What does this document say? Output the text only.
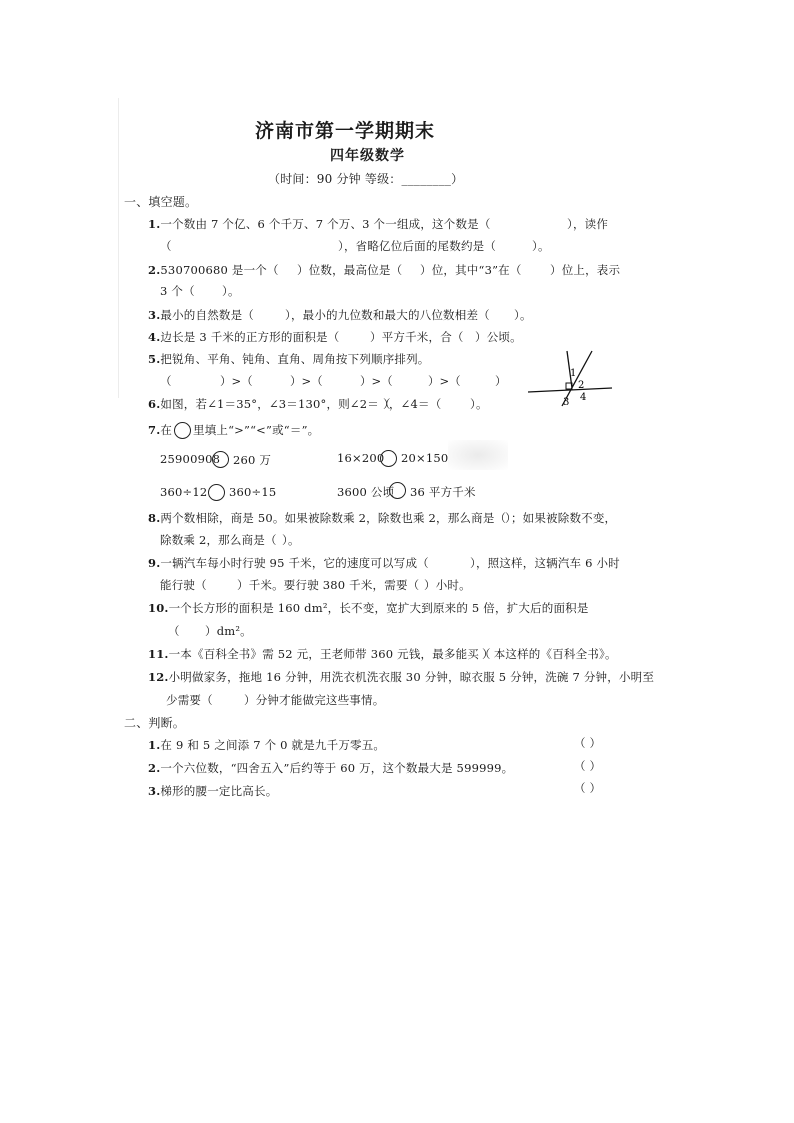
济南市第一学期期末
四年级数学
（时间：90 分钟 等级：________）
一、填空题。
1.一个数由 7 个亿、6 个千万、7 个万、3 个一组成，这个数是（	），读作
（	），省略亿位后面的尾数约是（	）。
2.530700680 是一个（ ）位数，最高位是（ ）位，其中“3”在（ ）位上，表示
3 个（ ）。
3.最小的自然数是（	），最小的九位数和最大的八位数相差（ ）。
4.边长是 3 千米的正方形的面积是（	）平方千米，合（ ）公顷。
5.把锐角、平角、钝角、直角、周角按下列顺序排列。
（	）>（	）>（	）>（	）>（	）
6.如图，若∠1＝35°，∠3＝130°，则∠2＝（
），∠4＝（ ）。
1
2
3 4
7.在 里填上“>”“<”或“＝”。
25900908 260 万	16×200 20×150
360÷12 360÷15	3600 公顷 36 平方千米
8.两个数相除，商是 50。如果被除数乘 2，除数也乘 2，那么商是（
）；如果被除数不变，
除数乘 2，那么商是（ ）。
9.一辆汽车每小时行驶 95 千米，它的速度可以写成（	），照这样，这辆汽车 6 小时
能行驶（	）千米。要行驶 380 千米，需要（ ）小时。
10.一个长方形的面积是 160 dm²，长不变，宽扩大到原来的 5 倍，扩大后的面积是
（ ）dm²。
11.一本《百科全书》需 52 元，王老师带 360 元钱，最多能买（
）本这样的《百科全书》。
12.小明做家务，拖地 16 分钟，用洗衣机洗衣服 30 分钟，晾衣服 5 分钟，洗碗 7 分钟，小明至
少需要（	）分钟才能做完这些事情。
二、判断。
1.在 9 和 5 之间添 7 个 0 就是九千万零五。	（ ）
2.一个六位数，“四舍五入”后约等于 60 万，这个数最大是 599999。	（ ）
3.梯形的腰一定比高长。	（ ）
